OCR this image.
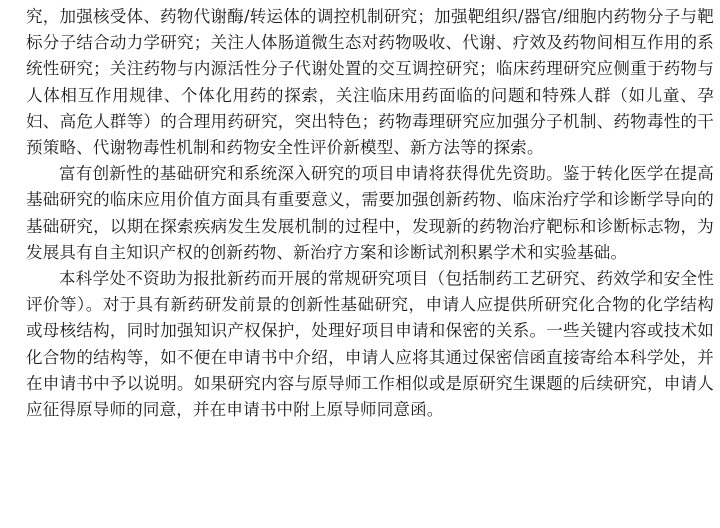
究，加强核受体、药物代谢酶/转运体的调控机制研究；加强靶组织/器官/细胞内药物分子与靶标分子结合动力学研究；关注人体肠道微生态对药物吸收、代谢、疗效及药物间相互作用的系统性研究；关注药物与内源活性分子代谢处置的交互调控研究；临床药理研究应侧重于药物与人体相互作用规律、个体化用药的探索，关注临床用药面临的问题和特殊人群（如儿童、孕妇、高危人群等）的合理用药研究，突出特色；药物毒理研究应加强分子机制、药物毒性的干预策略、代谢物毒性机制和药物安全性评价新模型、新方法等的探索。

富有创新性的基础研究和系统深入研究的项目申请将获得优先资助。鉴于转化医学在提高基础研究的临床应用价值方面具有重要意义，需要加强创新药物、临床治疗学和诊断学导向的基础研究，以期在探索疾病发生发展机制的过程中，发现新的药物治疗靶标和诊断标志物，为发展具有自主知识产权的创新药物、新治疗方案和诊断试剂积累学术和实验基础。

本科学处不资助为报批新药而开展的常规研究项目（包括制药工艺研究、药效学和安全性评价等）。对于具有新药研发前景的创新性基础研究，申请人应提供所研究化合物的化学结构或母核结构，同时加强知识产权保护，处理好项目申请和保密的关系。一些关键内容或技术如化合物的结构等，如不便在申请书中介绍，申请人应将其通过保密信函直接寄给本科学处，并在申请书中予以说明。如果研究内容与原导师工作相似或是原研究生课题的后续研究，申请人应征得原导师的同意，并在申请书中附上原导师同意函。
